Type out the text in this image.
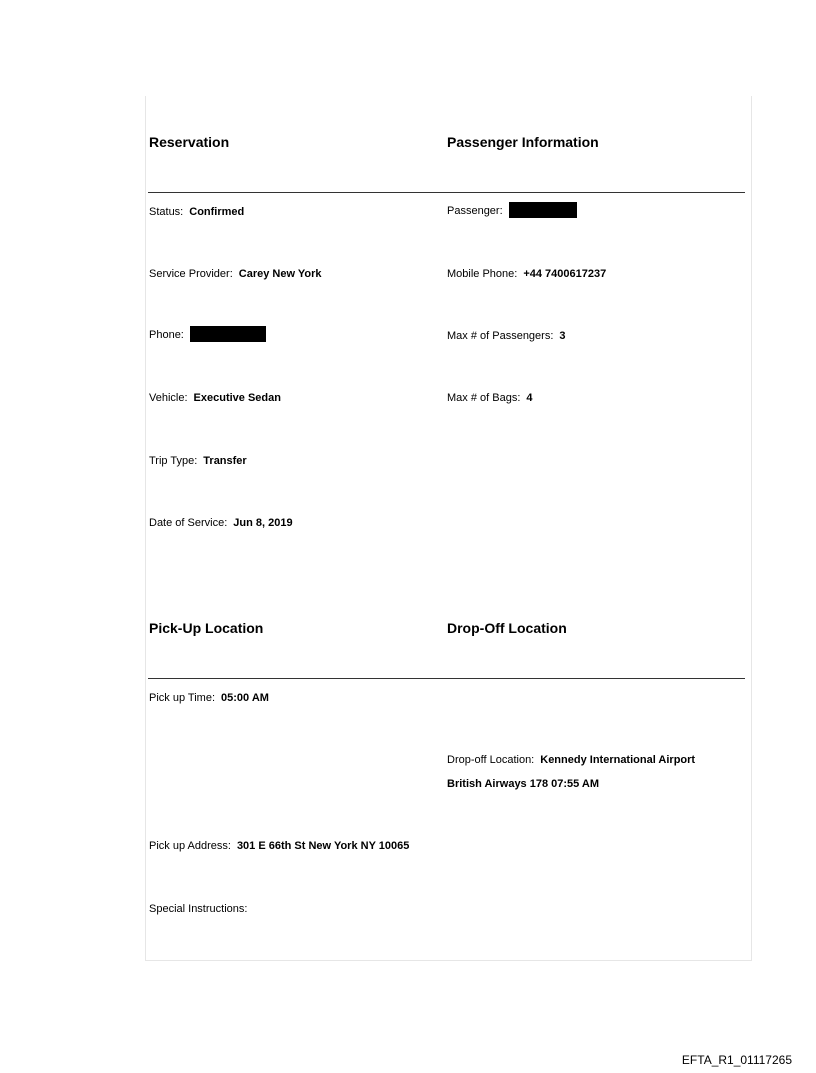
Reservation	Passenger Information
Status: Confirmed
Service Provider: Carey New York
Phone:
Vehicle: Executive Sedan
Trip Type: Transfer
Date of Service: Jun 8, 2019
Passenger:
Mobile Phone: +44 7400617237
Max # of Passengers: 3
Max # of Bags: 4
Pick-Up Location	Drop-Off Location
Pick up Time: 05:00 AM
Pick up Address: 301 E 66th St New York NY 10065
Special Instructions:
Drop-off Location: Kennedy International Airport
British Airways 178 07:55 AM
EFTA_R1_01117265
